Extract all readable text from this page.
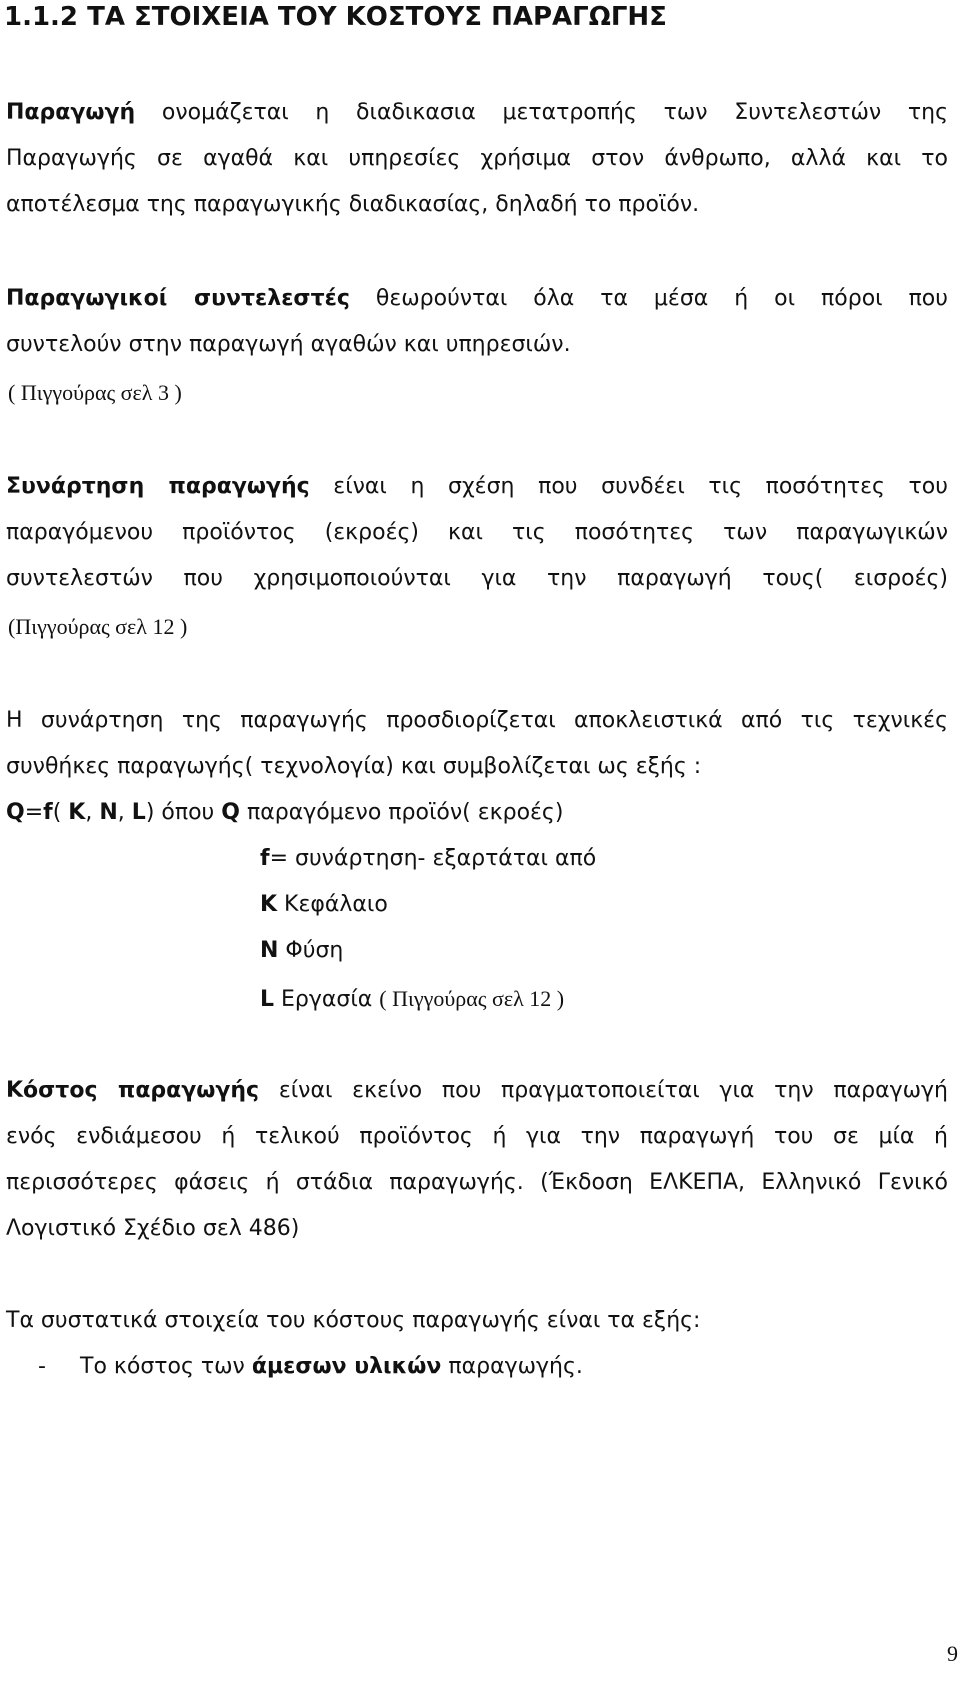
1.1.2 ΤΑ ΣΤΟΙΧΕΙΑ ΤΟΥ ΚΟΣΤΟΥΣ ΠΑΡΑΓΩΓΗΣ
Παραγωγή ονομάζεται η διαδικασια μετατροπής των Συντελεστών της
Παραγωγής σε αγαθά και υπηρεσίες χρήσιμα στον άνθρωπο, αλλά και το
αποτέλεσμα της παραγωγικής διαδικασίας, δηλαδή το προϊόν.
Παραγωγικοί συντελεστές θεωρούνται όλα τα μέσα ή οι πόροι που
συντελούν στην παραγωγή αγαθών και υπηρεσιών.
( Πιγγούρας σελ 3 )
Συνάρτηση παραγωγής είναι η σχέση που συνδέει τις ποσότητες του
παραγόμενου προϊόντος (εκροές) και τις ποσότητες των παραγωγικών
συντελεστών που χρησιμοποιούνται για την παραγωγή τους( εισροές)
(Πιγγούρας σελ 12 )
Η συνάρτηση της παραγωγής προσδιορίζεται αποκλειστικά από τις τεχνικές
συνθήκες παραγωγής( τεχνολογία) και συμβολίζεται ως εξής :
Q=f( K, N, L) όπου Q παραγόμενο προϊόν( εκροές)
f= συνάρτηση- εξαρτάται από
K Κεφάλαιο
N Φύση
L Εργασία ( Πιγγούρας σελ 12 )
Κόστος παραγωγής είναι εκείνο που πραγματοποιείται για την παραγωγή
ενός ενδιάμεσου ή τελικού προϊόντος ή για την παραγωγή του σε μία ή
περισσότερες φάσεις ή στάδια παραγωγής. (Έκδοση ΕΛΚΕΠΑ, Ελληνικό Γενικό
Λογιστικό Σχέδιο σελ 486)
Τα συστατικά στοιχεία του κόστους παραγωγής είναι τα εξής:
- Το κόστος των άμεσων υλικών παραγωγής.
9
